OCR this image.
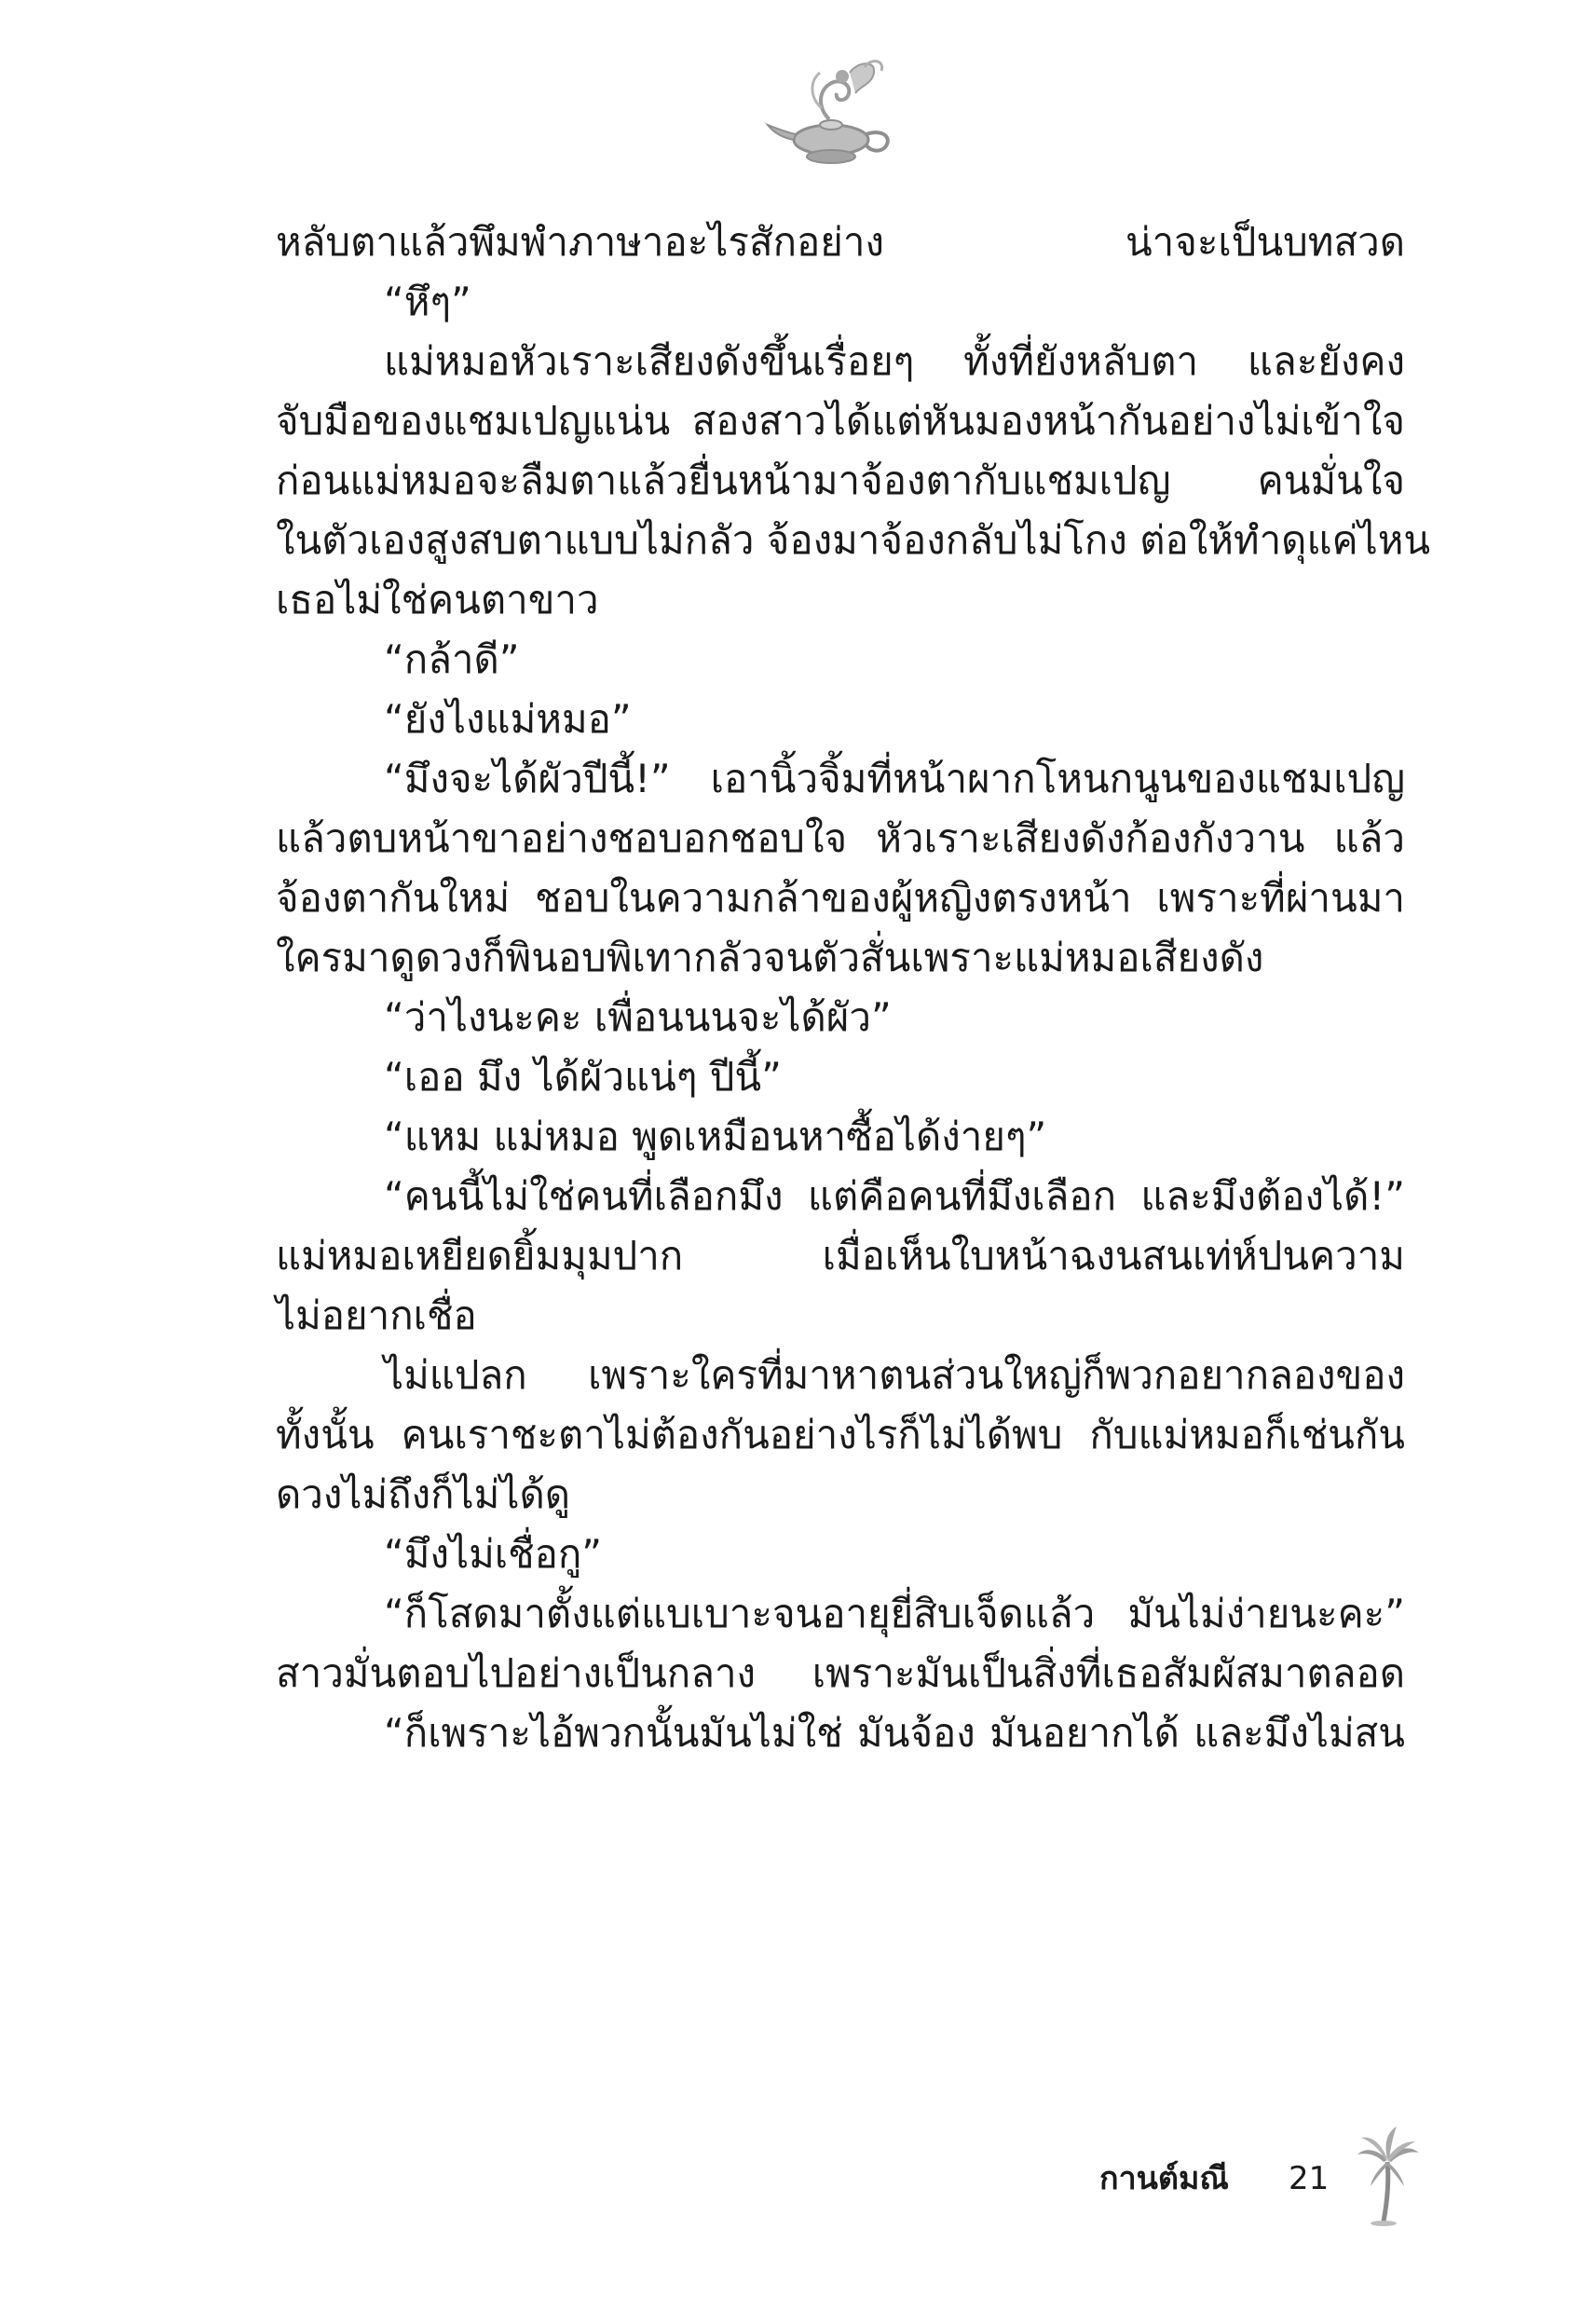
หลับตาแล้วพึมพำภาษาอะไรสักอย่าง น่าจะเป็นบทสวด
“หึๆ”
แม่หมอหัวเราะเสียงดังขึ้นเรื่อยๆ ทั้งที่ยังหลับตา และยังคง
จับมือของแชมเปญแน่น สองสาวได้แต่หันมองหน้ากันอย่างไม่เข้าใจ
ก่อนแม่หมอจะลืมตาแล้วยื่นหน้ามาจ้องตากับแชมเปญ คนมั่นใจ
ในตัวเองสูงสบตาแบบไม่กลัว จ้องมาจ้องกลับไม่โกง ต่อให้ทำดุแค่ไหน
เธอไม่ใช่คนตาขาว
“กล้าดี”
“ยังไงแม่หมอ”
“มึงจะได้ผัวปีนี้!” เอานิ้วจิ้มที่หน้าผากโหนกนูนของแชมเปญ
แล้วตบหน้าขาอย่างชอบอกชอบใจ หัวเราะเสียงดังก้องกังวาน แล้ว
จ้องตากันใหม่ ชอบในความกล้าของผู้หญิงตรงหน้า เพราะที่ผ่านมา
ใครมาดูดวงก็พินอบพิเทากลัวจนตัวสั่นเพราะแม่หมอเสียงดัง
“ว่าไงนะคะ เพื่อนนนจะได้ผัว”
“เออ มึง ได้ผัวแน่ๆ ปีนี้”
“แหม แม่หมอ พูดเหมือนหาซื้อได้ง่ายๆ”
“คนนี้ไม่ใช่คนที่เลือกมึง แต่คือคนที่มึงเลือก และมึงต้องได้!”
แม่หมอเหยียดยิ้มมุมปาก เมื่อเห็นใบหน้าฉงนสนเท่ห์ปนความ
ไม่อยากเชื่อ
ไม่แปลก เพราะใครที่มาหาตนส่วนใหญ่ก็พวกอยากลองของ
ทั้งนั้น คนเราชะตาไม่ต้องกันอย่างไรก็ไม่ได้พบ กับแม่หมอก็เช่นกัน
ดวงไม่ถึงก็ไม่ได้ดู
“มึงไม่เชื่อกู”
“ก็โสดมาตั้งแต่แบเบาะจนอายุยี่สิบเจ็ดแล้ว มันไม่ง่ายนะคะ”
สาวมั่นตอบไปอย่างเป็นกลาง เพราะมันเป็นสิ่งที่เธอสัมผัสมาตลอด
“ก็เพราะไอ้พวกนั้นมันไม่ใช่ มันจ้อง มันอยากได้ และมึงไม่สน
กานต์มณี 21
